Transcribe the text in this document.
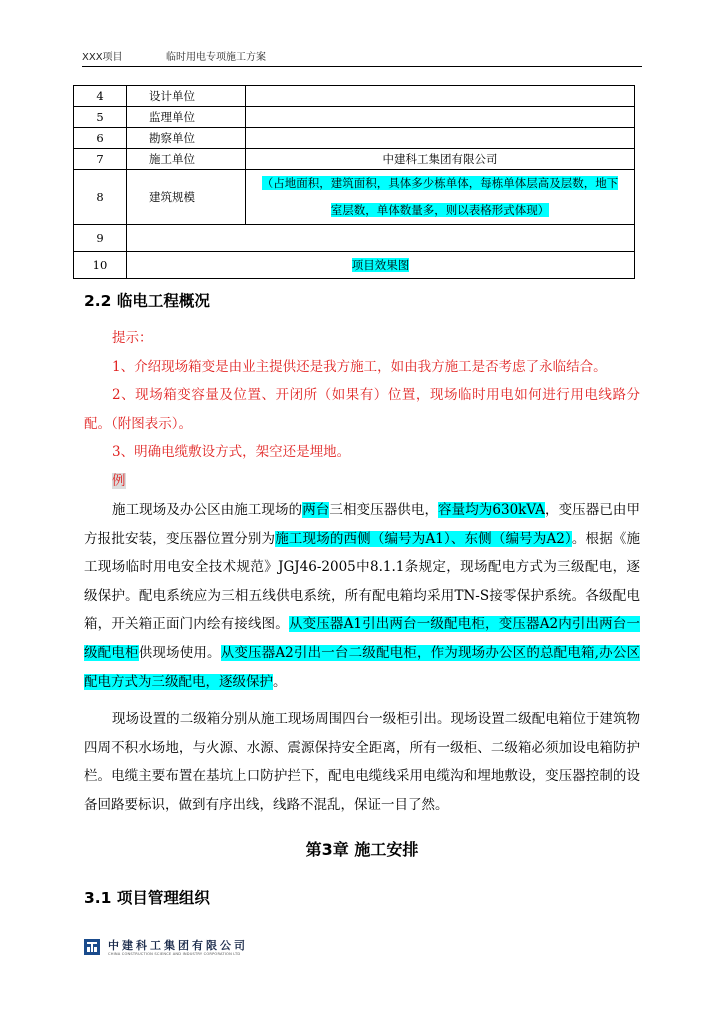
XXX项目	临时用电专项施工方案
4	设计单位	
5	监理单位	
6	勘察单位	
7	施工单位	中建科工集团有限公司
8	建筑规模	（占地面积，建筑面积，具体多少栋单体，每栋单体层高及层数，地下
室层数，单体数量多，则以表格形式体现）
9		
10	项目效果图	
2.2 临电工程概况
提示：
1、介绍现场箱变是由业主提供还是我方施工，如由我方施工是否考虑了永临结合。
2、现场箱变容量及位置、开闭所（如果有）位置，现场临时用电如何进行用电线路分配。（附图表示）。
3、明确电缆敷设方式，架空还是埋地。
例
施工现场及办公区由施工现场的两台三相变压器供电，容量均为630kVA，变压器已由甲方报批安装，变压器位置分别为施工现场的西侧（编号为A1）、东侧（编号为A2）。根据《施工现场临时用电安全技术规范》JGJ46-2005中8.1.1条规定，现场配电方式为三级配电，逐级保护。配电系统应为三相五线供电系统，所有配电箱均采用TN-S接零保护系统。各级配电箱，开关箱正面门内绘有接线图。从变压器A1引出两台一级配电柜，变压器A2内引出两台一级配电柜供现场使用。从变压器A2引出一台二级配电柜，作为现场办公区的总配电箱,办公区配电方式为三级配电，逐级保护。
现场设置的二级箱分别从施工现场周围四台一级柜引出。现场设置二级配电箱位于建筑物四周不积水场地，与火源、水源、震源保持安全距离，所有一级柜、二级箱必须加设电箱防护栏。电缆主要布置在基坑上口防护拦下，配电电缆线采用电缆沟和埋地敷设，变压器控制的设备回路要标识，做到有序出线，线路不混乱，保证一目了然。
第3章 施工安排
3.1 项目管理组织
中建科工集团有限公司
CHINA CONSTRUCTION SCIENCE AND INDUSTRY CORPORATION LTD
